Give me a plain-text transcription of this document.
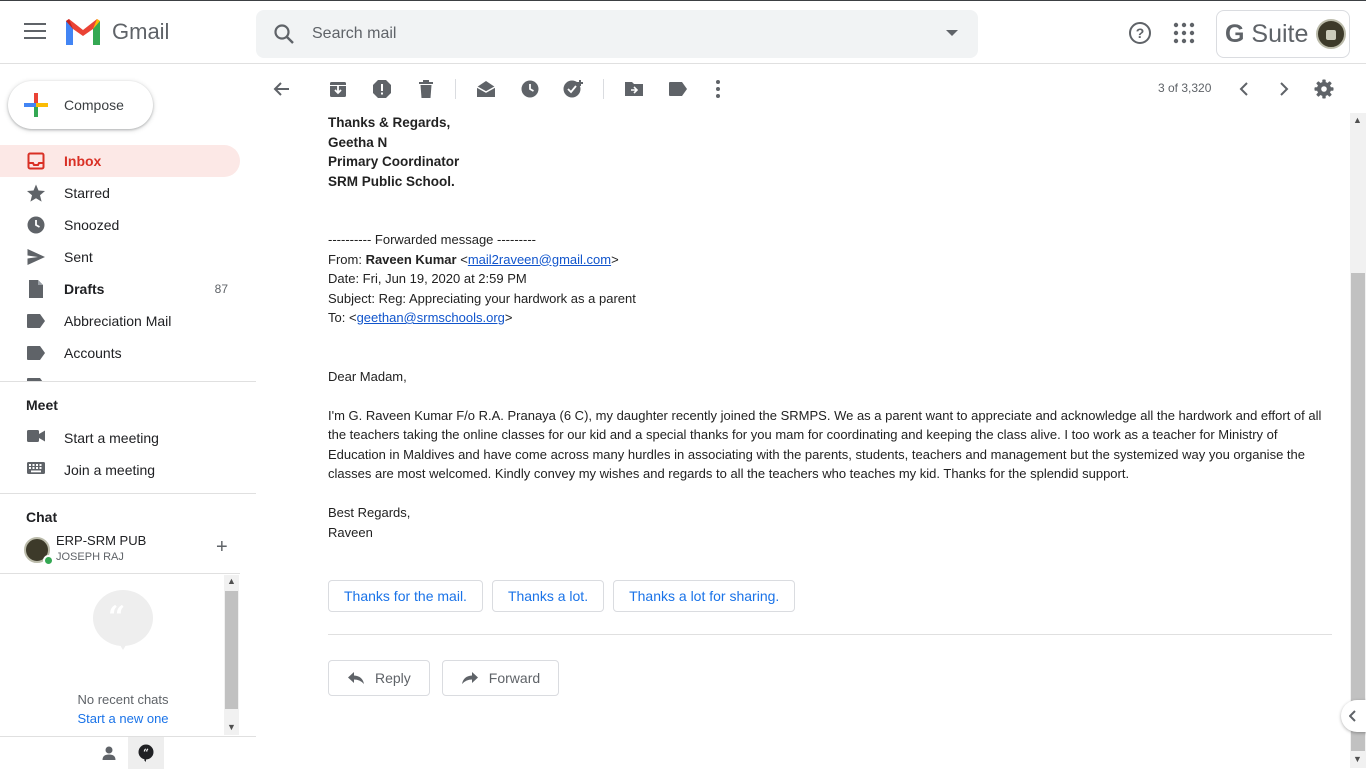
Gmail
Search mail	?	G Suite
Compose
Inbox
Starred
Snoozed
Sent
Drafts	87
Abbreciation Mail
Accounts
Meet
Start a meeting
Join a meeting
Chat
ERP-SRM PUB
JOSEPH RAJ	+
“
No recent chats
Start a new one
▲
▼
“
3 of 3,320
Thanks & Regards,
Geetha N
Primary Coordinator
SRM Public School.
---------- Forwarded message ---------
From: Raveen Kumar <mail2raveen@gmail.com>
Date: Fri, Jun 19, 2020 at 2:59 PM
Subject: Reg: Appreciating your hardwork as a parent
To: <geethan@srmschools.org>
Dear Madam,
I'm G. Raveen Kumar F/o R.A. Pranaya (6 C), my daughter recently joined the SRMPS. We as a parent want to appreciate and acknowledge all the hardwork and effort of all the teachers taking the online classes for our kid and a special thanks for you mam for coordinating and keeping the class alive. I too work as a teacher for Ministry of Education in Maldives and have come across many hurdles in associating with the parents, students, teachers and management but the systemized way you organise the classes are most welcomed. Kindly convey my wishes and regards to all the teachers who teaches my kid. Thanks for the splendid support.
Best Regards,
Raveen
Thanks for the mail.	Thanks a lot.	Thanks a lot for sharing.
Reply	Forward
▲
▼
